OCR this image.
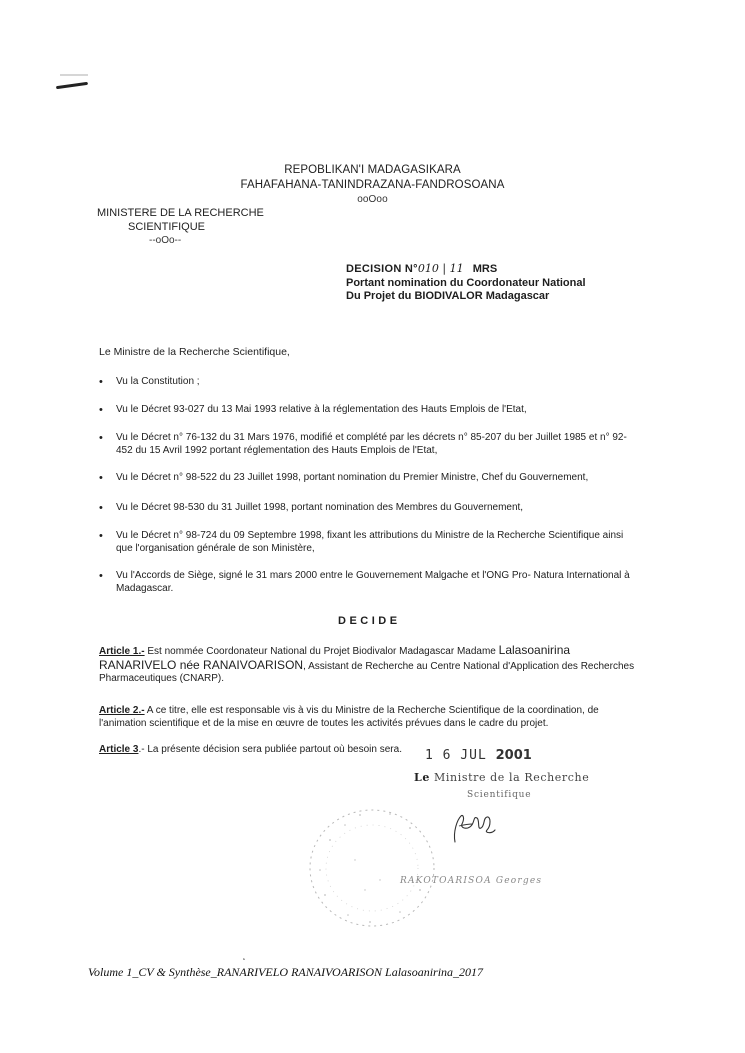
REPOBLIKAN'I MADAGASIKARA
FAHAFAHANA-TANINDRAZANA-FANDROSOANA
ooOoo
MINISTERE DE LA RECHERCHE
SCIENTIFIQUE
--oOo--
DECISION N°010 | 11 MRS
Portant nomination du Coordonateur National
Du Projet du BIODIVALOR Madagascar
Le Ministre de la Recherche Scientifique,
• Vu la Constitution ;
• Vu le Décret 93-027 du 13 Mai 1993 relative à la réglementation des Hauts Emplois de l'Etat,
• Vu le Décret n° 76-132 du 31 Mars 1976, modifié et complété par les décrets n° 85-207 du ber Juillet 1985 et n° 92-452 du 15 Avril 1992 portant réglementation des Hauts Emplois de l'Etat,
• Vu le Décret n° 98-522 du 23 Juillet 1998, portant nomination du Premier Ministre, Chef du Gouvernement,
• Vu le Décret 98-530 du 31 Juillet 1998, portant nomination des Membres du Gouvernement,
• Vu le Décret n° 98-724 du 09 Septembre 1998, fixant les attributions du Ministre de la Recherche Scientifique ainsi que l'organisation générale de son Ministère,
• Vu l'Accords de Siège, signé le 31 mars 2000 entre le Gouvernement Malgache et l'ONG Pro- Natura International à Madagascar.
DECIDE
Article 1.- Est nommée Coordonateur National du Projet Biodivalor Madagascar Madame Lalasoanirina
RANARIVELO née RANAIVOARISON, Assistant de Recherche au Centre National d'Application des Recherches Pharmaceutiques (CNARP).
Article 2.- A ce titre, elle est responsable vis à vis du Ministre de la Recherche Scientifique de la coordination, de l'animation scientifique et de la mise en œuvre de toutes les activités prévues dans le cadre du projet.
Article 3.- La présente décision sera publiée partout où besoin sera.	1 6 JUL 2001
Le Ministre de la Recherche
Scientifique
RAKOTOARISOA Georges
˛
Volume 1_CV & Synthèse_RANARIVELO RANAIVOARISON Lalasoanirina_2017
